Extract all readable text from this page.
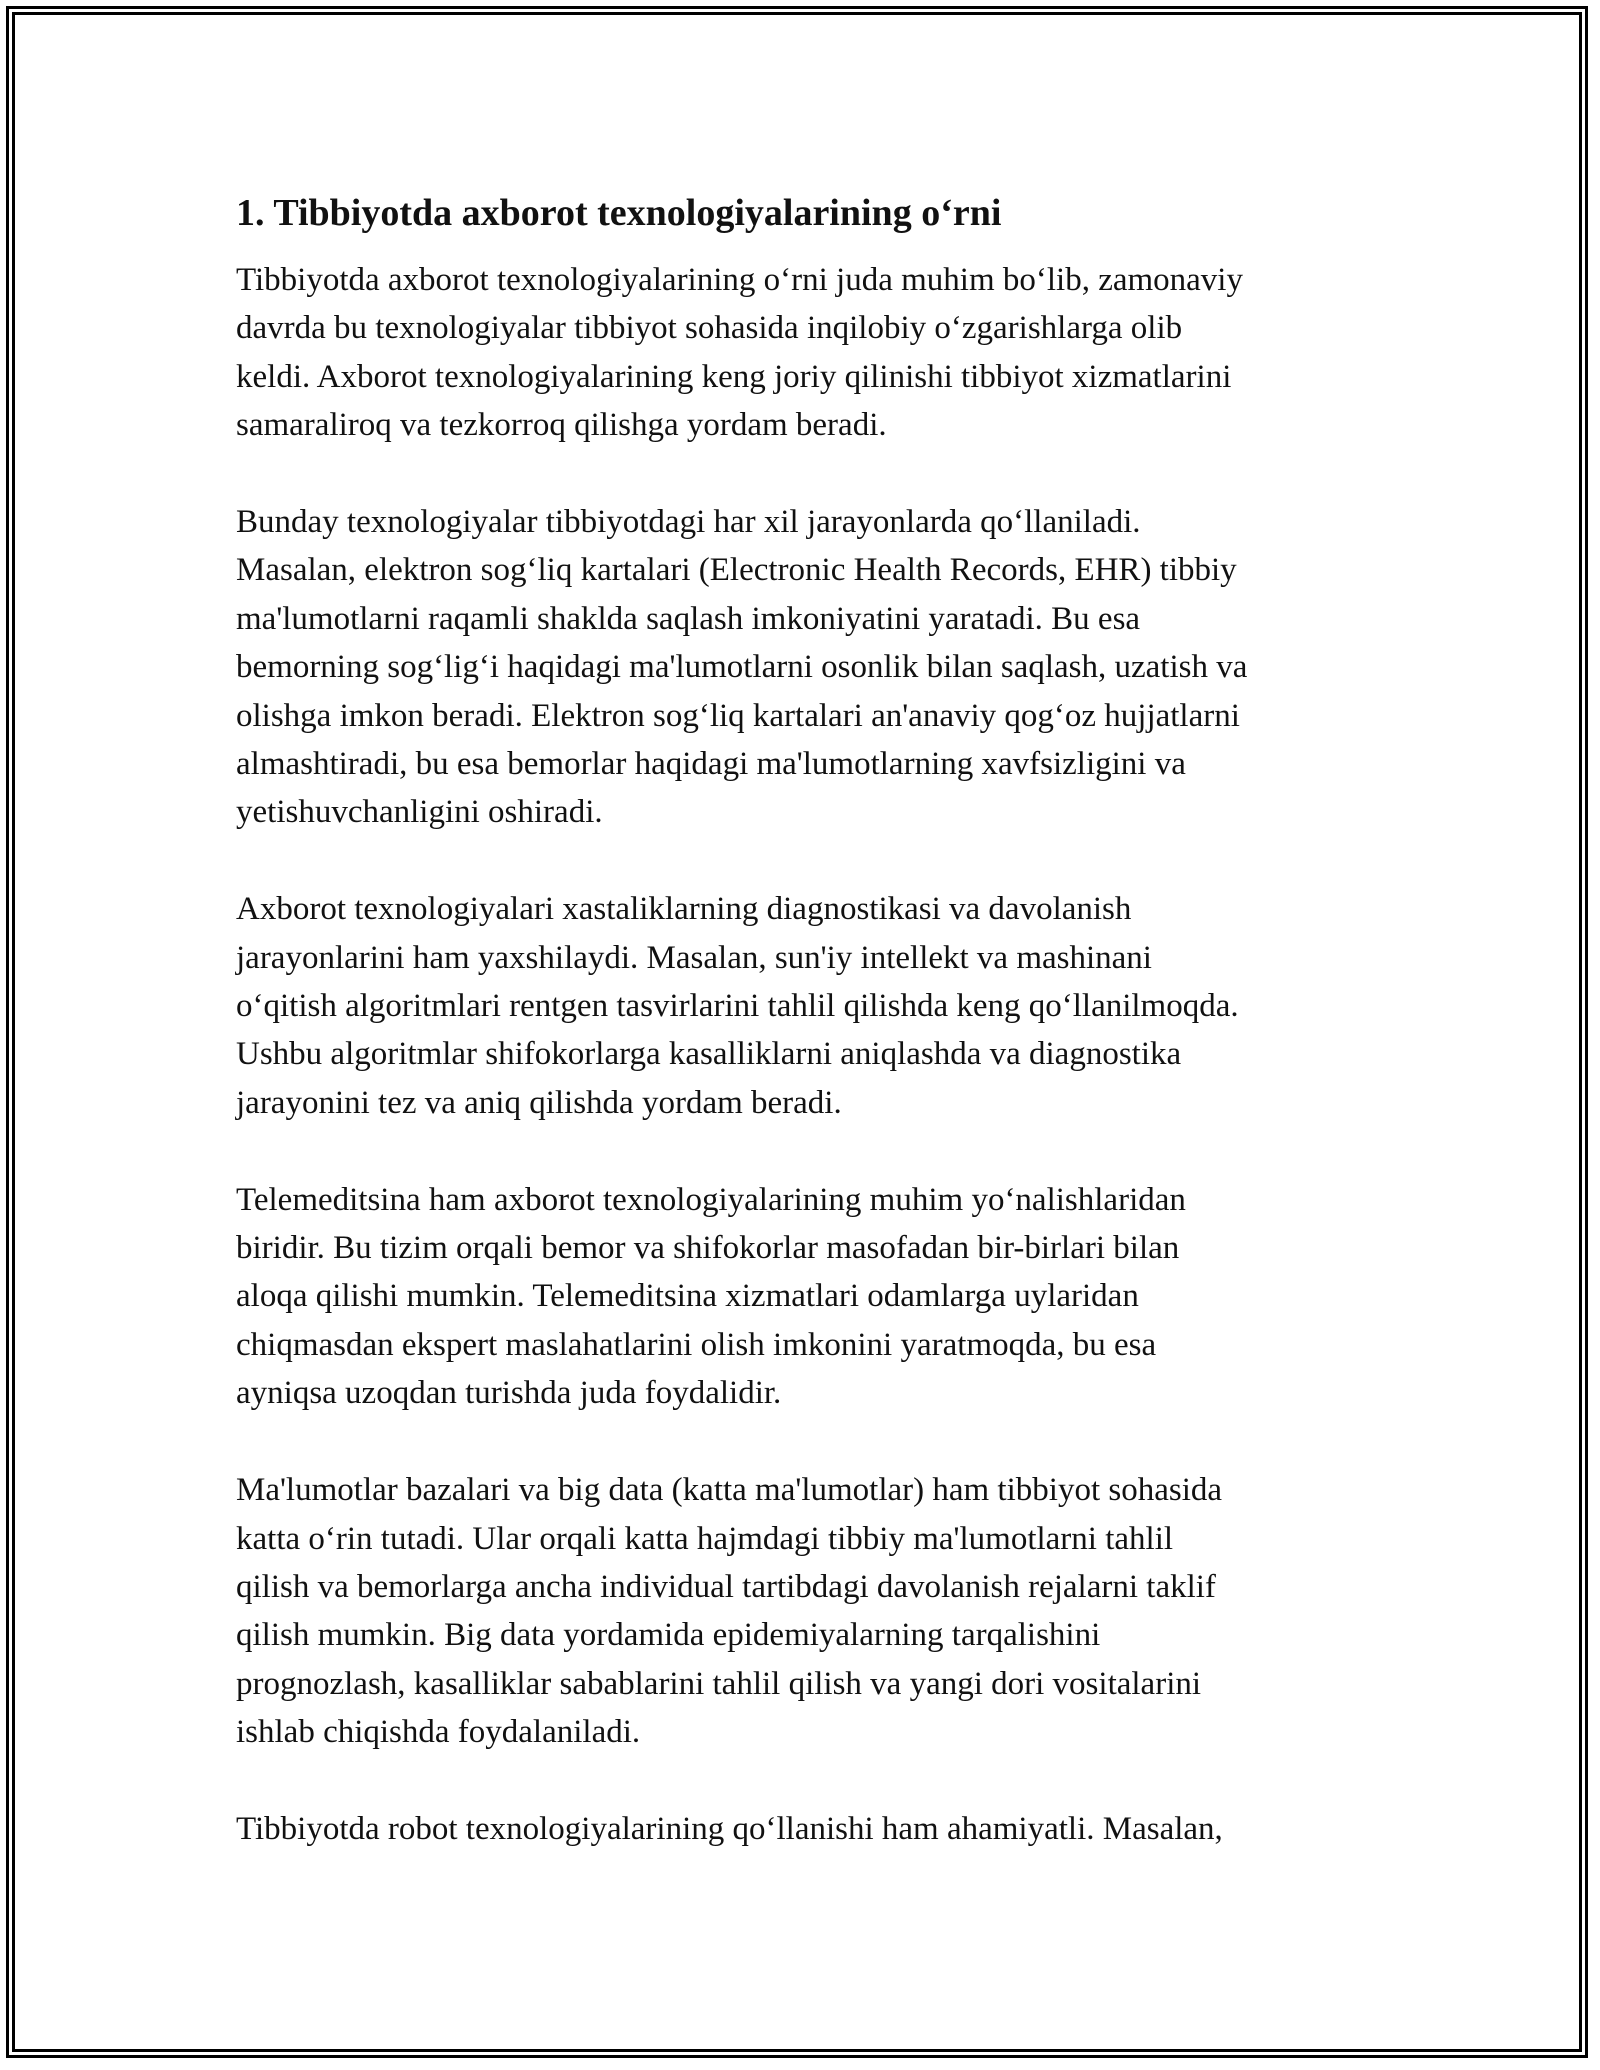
1. Tibbiyotda axborot texnologiyalarining o‘rni
Tibbiyotda axborot texnologiyalarining o‘rni juda muhim bo‘lib, zamonaviy
davrda bu texnologiyalar tibbiyot sohasida inqilobiy o‘zgarishlarga olib
keldi. Axborot texnologiyalarining keng joriy qilinishi tibbiyot xizmatlarini
samaraliroq va tezkorroq qilishga yordam beradi.
Bunday texnologiyalar tibbiyotdagi har xil jarayonlarda qo‘llaniladi.
Masalan, elektron sog‘liq kartalari (Electronic Health Records, EHR) tibbiy
ma'lumotlarni raqamli shaklda saqlash imkoniyatini yaratadi. Bu esa
bemorning sog‘lig‘i haqidagi ma'lumotlarni osonlik bilan saqlash, uzatish va
olishga imkon beradi. Elektron sog‘liq kartalari an'anaviy qog‘oz hujjatlarni
almashtiradi, bu esa bemorlar haqidagi ma'lumotlarning xavfsizligini va
yetishuvchanligini oshiradi.
Axborot texnologiyalari xastaliklarning diagnostikasi va davolanish
jarayonlarini ham yaxshilaydi. Masalan, sun'iy intellekt va mashinani
o‘qitish algoritmlari rentgen tasvirlarini tahlil qilishda keng qo‘llanilmoqda.
Ushbu algoritmlar shifokorlarga kasalliklarni aniqlashda va diagnostika
jarayonini tez va aniq qilishda yordam beradi.
Telemeditsina ham axborot texnologiyalarining muhim yo‘nalishlaridan
biridir. Bu tizim orqali bemor va shifokorlar masofadan bir-birlari bilan
aloqa qilishi mumkin. Telemeditsina xizmatlari odamlarga uylaridan
chiqmasdan ekspert maslahatlarini olish imkonini yaratmoqda, bu esa
ayniqsa uzoqdan turishda juda foydalidir.
Ma'lumotlar bazalari va big data (katta ma'lumotlar) ham tibbiyot sohasida
katta o‘rin tutadi. Ular orqali katta hajmdagi tibbiy ma'lumotlarni tahlil
qilish va bemorlarga ancha individual tartibdagi davolanish rejalarni taklif
qilish mumkin. Big data yordamida epidemiyalarning tarqalishini
prognozlash, kasalliklar sabablarini tahlil qilish va yangi dori vositalarini
ishlab chiqishda foydalaniladi.
Tibbiyotda robot texnologiyalarining qo‘llanishi ham ahamiyatli. Masalan,
